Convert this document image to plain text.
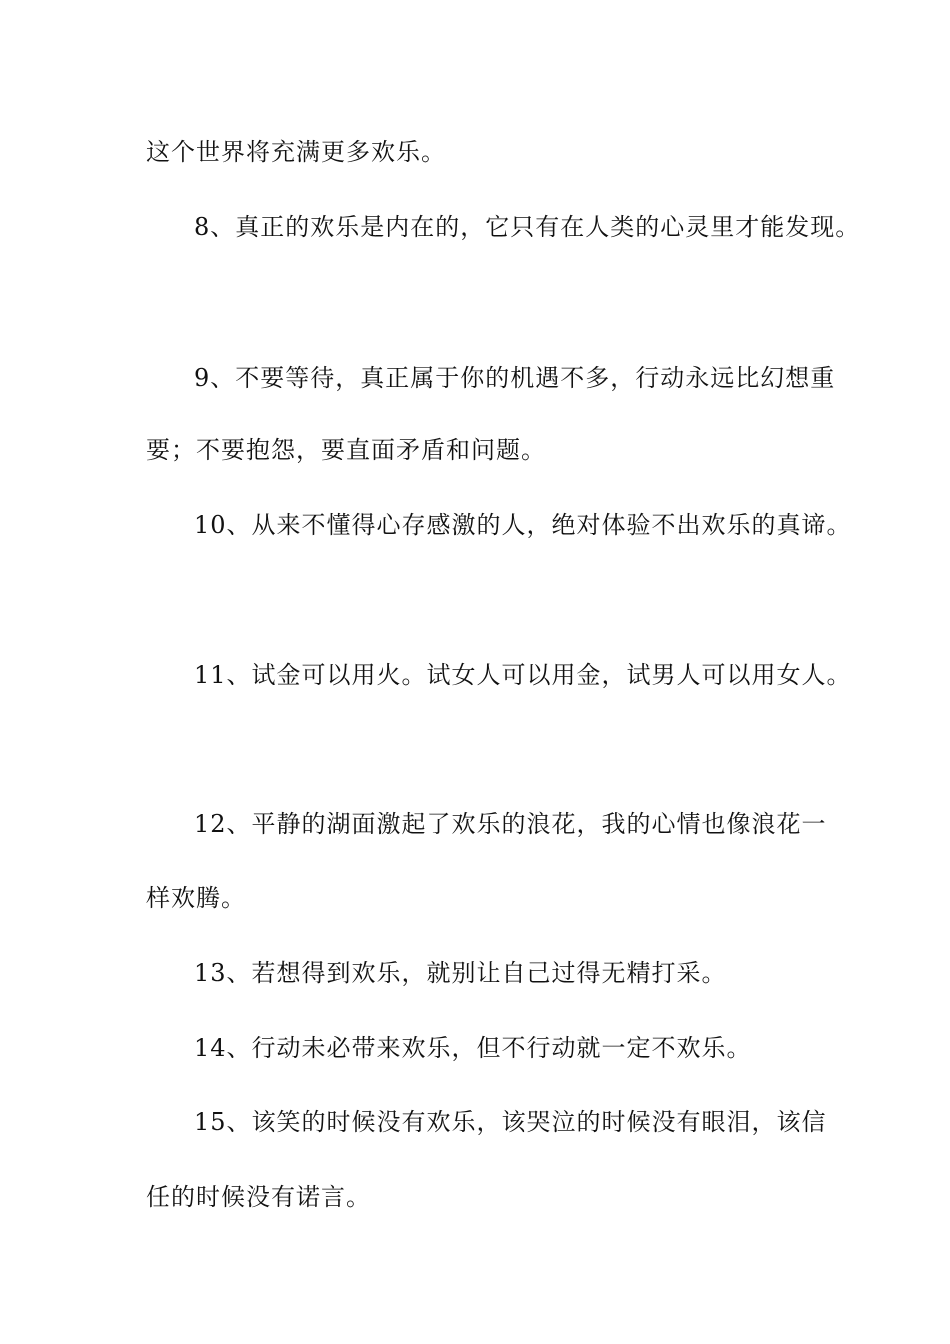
这个世界将充满更多欢乐。
8、真正的欢乐是内在的，它只有在人类的心灵里才能发现。
9、不要等待，真正属于你的机遇不多，行动永远比幻想重
要；不要抱怨，要直面矛盾和问题。
10、从来不懂得心存感激的人，绝对体验不出欢乐的真谛。
11、试金可以用火。试女人可以用金，试男人可以用女人。
12、平静的湖面激起了欢乐的浪花，我的心情也像浪花一
样欢腾。
13、若想得到欢乐，就别让自己过得无精打采。
14、行动未必带来欢乐，但不行动就一定不欢乐。
15、该笑的时候没有欢乐，该哭泣的时候没有眼泪，该信
任的时候没有诺言。
